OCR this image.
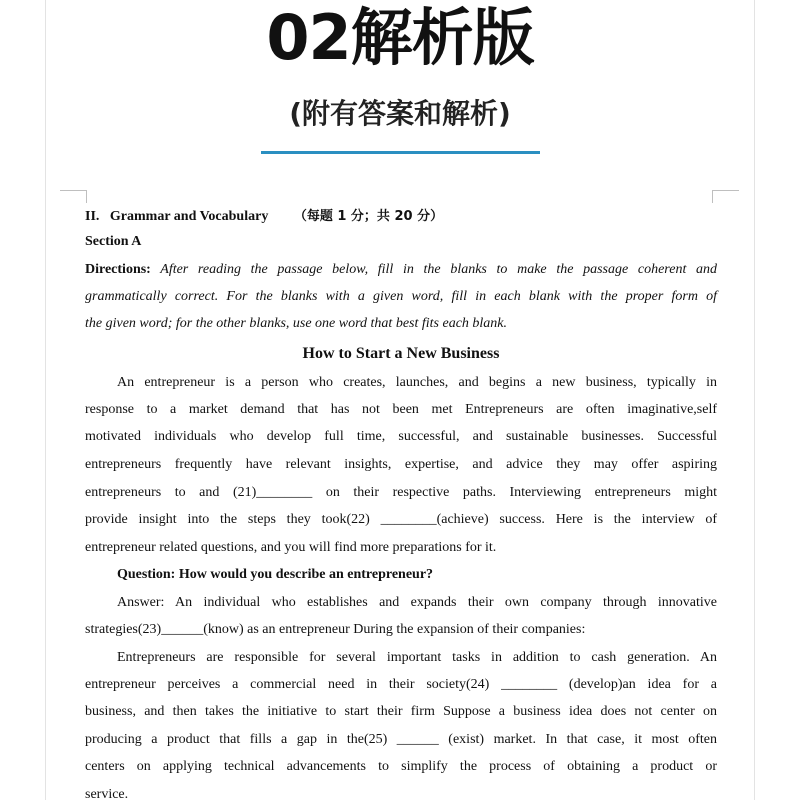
02解析版
(附有答案和解析)
II.   Grammar and Vocabulary （每题 1 分；共 20 分）
Section A
Directions: After reading the passage below, fill in the blanks to make the passage coherent and
grammatically correct. For the blanks with a given word, fill in each blank with the proper form of
the given word; for the other blanks, use one word that best fits each blank.
How to Start a New Business
An entrepreneur is a person who creates, launches, and begins a new business, typically in
response to a market demand that has not been met Entrepreneurs are often imaginative,self
motivated individuals who develop full time, successful, and sustainable businesses. Successful
entrepreneurs frequently have relevant insights, expertise, and advice they may offer aspiring
entrepreneurs to and (21)________ on their respective paths. Interviewing entrepreneurs might
provide insight into the steps they took(22) ________(achieve) success. Here is the interview of
entrepreneur related questions, and you will find more preparations for it.
Question: How would you describe an entrepreneur?
Answer: An individual who establishes and expands their own company through innovative
strategies(23)______(know) as an entrepreneur During the expansion of their companies:
Entrepreneurs are responsible for several important tasks in addition to cash generation. An
entrepreneur perceives a commercial need in their society(24) ________ (develop)an idea for a
business, and then takes the initiative to start their firm Suppose a business idea does not center on
producing a product that fills a gap in the(25) ______ (exist) market. In that case, it most often
centers on applying technical advancements to simplify the process of obtaining a product or
service.
